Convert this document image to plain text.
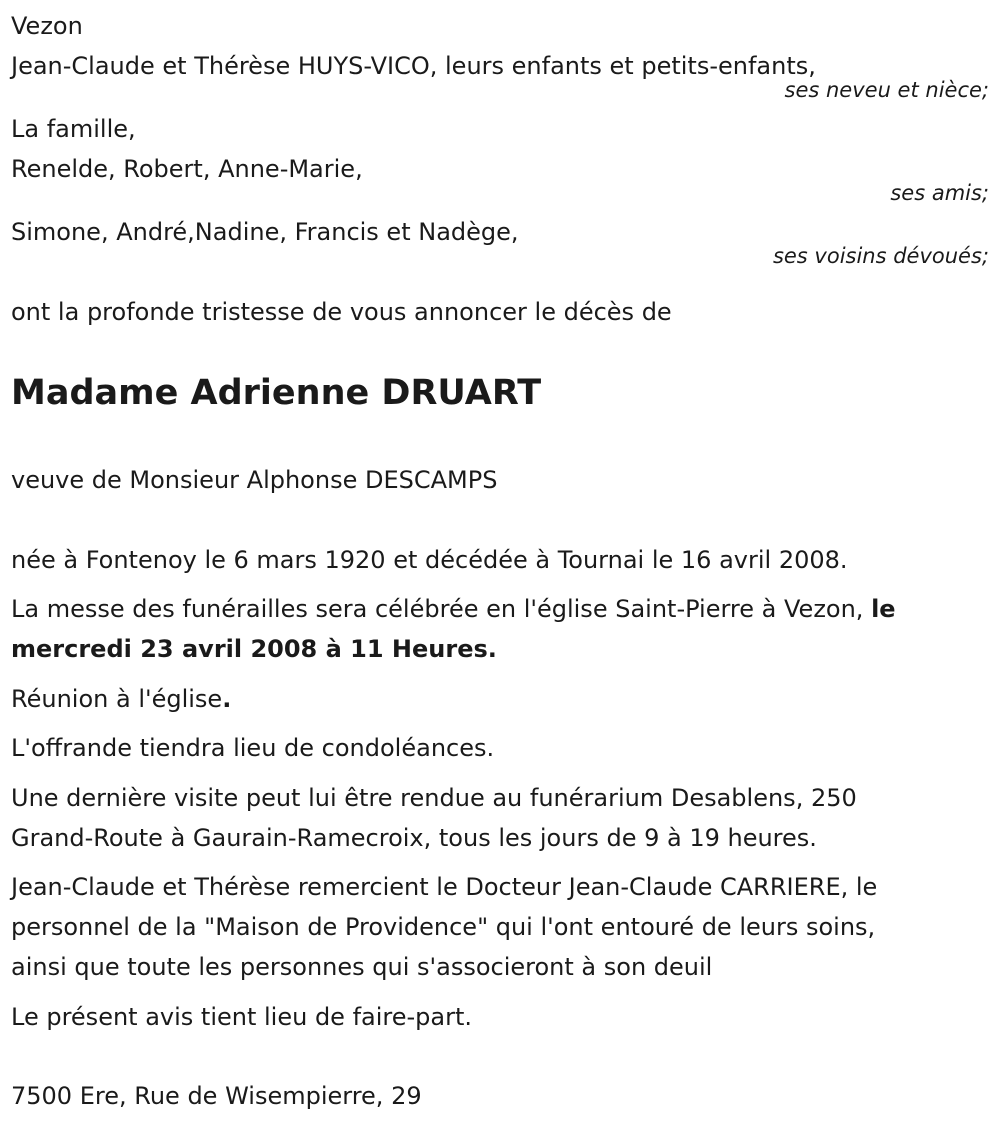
Vezon

Jean-Claude et Thérèse HUYS-VICO, leurs enfants et petits-enfants,

ses neveu et nièce;

La famille,

Renelde, Robert, Anne-Marie,

ses amis;

Simone, André,Nadine, Francis et Nadège,

ses voisins dévoués;

ont la profonde tristesse de vous annoncer le décès de

Madame Adrienne DRUART

veuve de Monsieur Alphonse DESCAMPS

née à Fontenoy le 6 mars 1920 et décédée à Tournai le 16 avril 2008.

La messe des funérailles sera célébrée en l'église Saint-Pierre à Vezon, le

mercredi 23 avril 2008 à 11 Heures.

Réunion à l'église.

L'offrande tiendra lieu de condoléances.

Une dernière visite peut lui être rendue au funérarium Desablens, 250

Grand-Route à Gaurain-Ramecroix, tous les jours de 9 à 19 heures.

Jean-Claude et Thérèse remercient le Docteur Jean-Claude CARRIERE, le

personnel de la "Maison de Providence" qui l'ont entouré de leurs soins,

ainsi que toute les personnes qui s'associeront à son deuil

Le présent avis tient lieu de faire-part.

7500 Ere, Rue de Wisempierre, 29
